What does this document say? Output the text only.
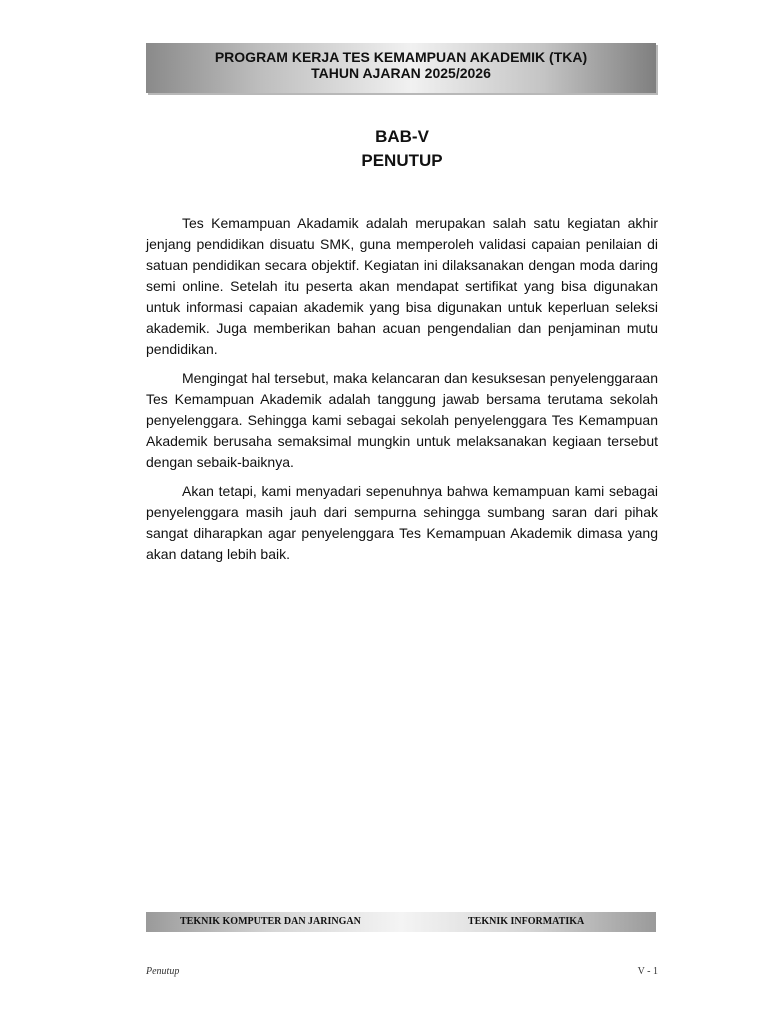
PROGRAM KERJA TES KEMAMPUAN AKADEMIK (TKA)
TAHUN AJARAN 2025/2026
BAB-V
PENUTUP

Tes Kemampuan Akadamik adalah merupakan salah satu kegiatan akhir jenjang pendidikan disuatu SMK, guna memperoleh validasi capaian penilaian di satuan pendidikan secara objektif. Kegiatan ini dilaksanakan dengan moda daring semi online. Setelah itu peserta akan mendapat sertifikat yang bisa digunakan untuk informasi capaian akademik yang bisa digunakan untuk keperluan seleksi akademik. Juga memberikan bahan acuan pengendalian dan penjaminan mutu pendidikan.

Mengingat hal tersebut, maka kelancaran dan kesuksesan penyelenggaraan Tes Kemampuan Akademik adalah tanggung jawab bersama terutama sekolah penyelenggara. Sehingga kami sebagai sekolah penyelenggara Tes Kemampuan Akademik berusaha semaksimal mungkin untuk melaksanakan kegiaan tersebut dengan sebaik-baiknya.

Akan tetapi, kami menyadari sepenuhnya bahwa kemampuan kami sebagai penyelenggara masih jauh dari sempurna sehingga sumbang saran dari pihak sangat diharapkan agar penyelenggara Tes Kemampuan Akademik dimasa yang akan datang lebih baik.

TEKNIK KOMPUTER DAN JARINGAN	TEKNIK INFORMATIKA
Penutup	V - 1
